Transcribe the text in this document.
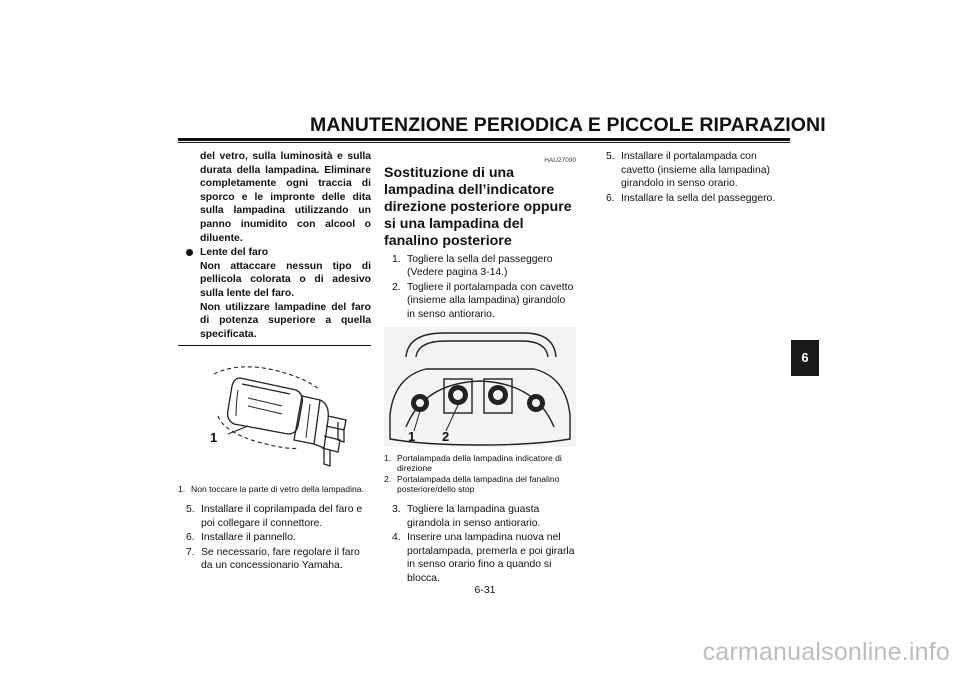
MANUTENZIONE PERIODICA E PICCOLE RIPARAZIONI
6
del vetro, sulla luminosità e sulla durata della lampadina. Eliminare completamente ogni traccia di sporco e le impronte delle dita sulla lampadina utilizzando un panno inumidito con alcool o diluente.
Lente del faro
Non attaccare nessun tipo di pellicola colorata o di adesivo sulla lente del faro.
Non utilizzare lampadine del faro di potenza superiore a quella specificata.
1
1. Non toccare la parte di vetro della lampadina.
5. Installare il coprilampada del faro e poi collegare il connettore.
6. Installare il pannello.
7. Se necessario, fare regolare il faro da un concessionario Yamaha.
HAU27000
Sostituzione di una lampadina dell’indicatore direzione posteriore oppure si una lampadina del fanalino posteriore
1. Togliere la sella del passeggero (Vedere pagina 3-14.)
2. Togliere il portalampada con cavetto (insieme alla lampadina) girandolo in senso antiorario.
1 2
1. Portalampada della lampadina indicatore di direzione
2. Portalampada della lampadina del fanalino posteriore/dello stop
3. Togliere la lampadina guasta girandola in senso antiorario.
4. Inserire una lampadina nuova nel portalampada, premerla e poi girarla in senso orario fino a quando si blocca.
5. Installare il portalampada con cavetto (insieme alla lampadina) girandolo in senso orario.
6. Installare la sella del passeggero.
6-31
carmanualsonline.info
